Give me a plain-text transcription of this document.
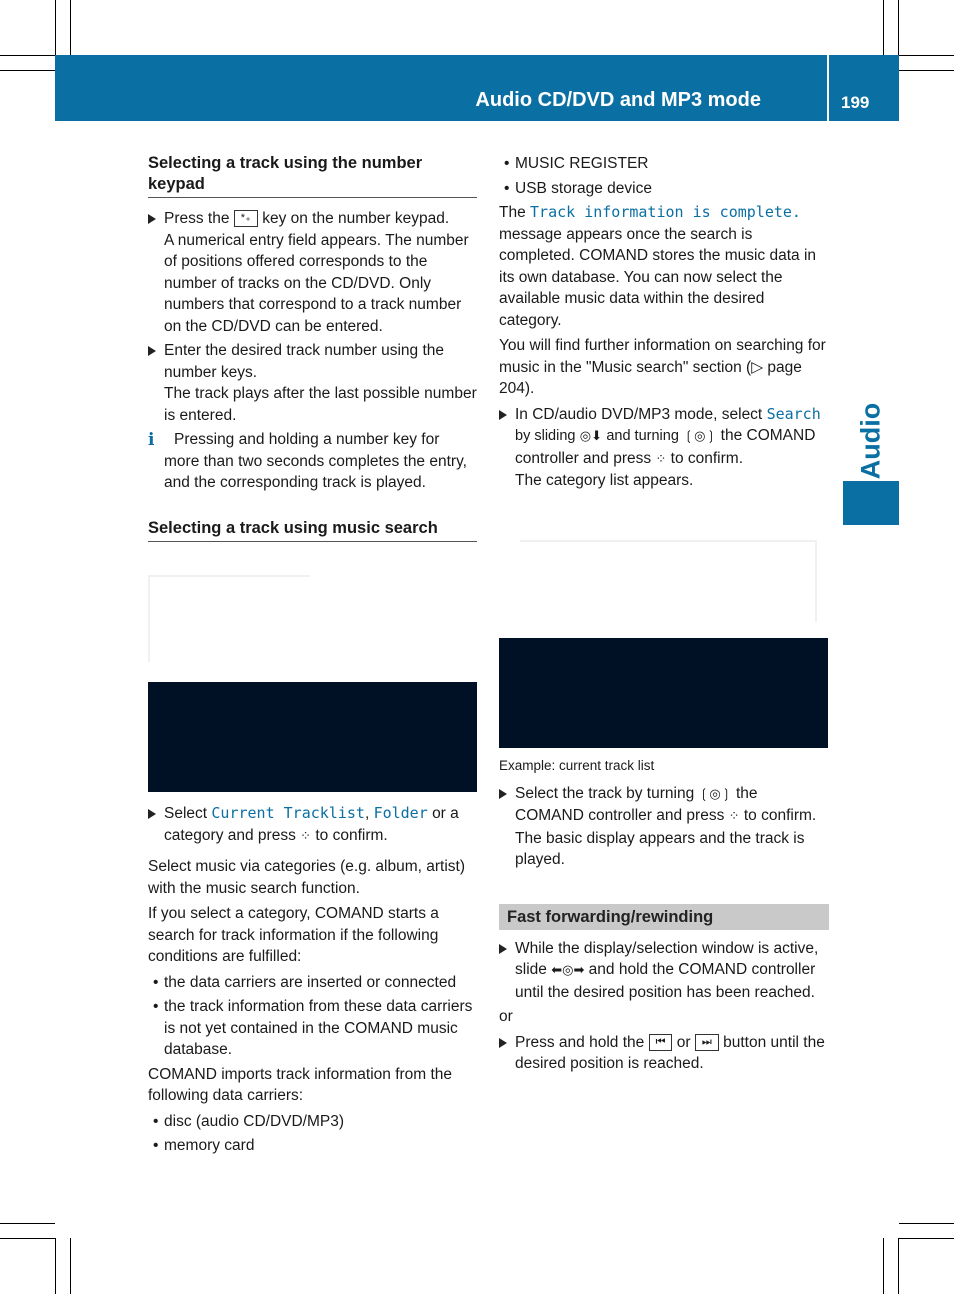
Audio CD/DVD and MP3 mode	199
Audio
Selecting a track using the number keypad
Press the *₊ key on the number keypad.
A numerical entry field appears. The number of positions offered corresponds to the number of tracks on the CD/DVD. Only numbers that correspond to a track number on the CD/DVD can be entered.
Enter the desired track number using the number keys.
The track plays after the last possible number is entered.
i	Pressing and holding a number key for more than two seconds completes the entry, and the corresponding track is played.
Selecting a track using music search
Select Current Tracklist, Folder or a category and press ⁘ to confirm.

Select music via categories (e.g. album, artist) with the music search function.

If you select a category, COMAND starts a search for track information if the following conditions are fulfilled:

• the data carriers are inserted or connected
• the track information from these data carriers is not yet contained in the COMAND music database.

COMAND imports track information from the following data carriers:

• disc (audio CD/DVD/MP3)
• memory card
• MUSIC REGISTER
• USB storage device

The Track information is complete. message appears once the search is completed. COMAND stores the music data in its own database. You can now select the available music data within the desired category.

You will find further information on searching for music in the "Music search" section (▷ page 204).

In CD/audio DVD/MP3 mode, select Search by sliding ◎⬇ and turning ❲◎❳ the COMAND controller and press ⁘ to confirm.
The category list appears.

Example: current track list

Select the track by turning ❲◎❳ the COMAND controller and press ⁘ to confirm.
The basic display appears and the track is played.
Fast forwarding/rewinding
While the display/selection window is active, slide ⬅◎➡ and hold the COMAND controller until the desired position has been reached.

or

Press and hold the ⏮ or ⏭ button until the desired position is reached.
